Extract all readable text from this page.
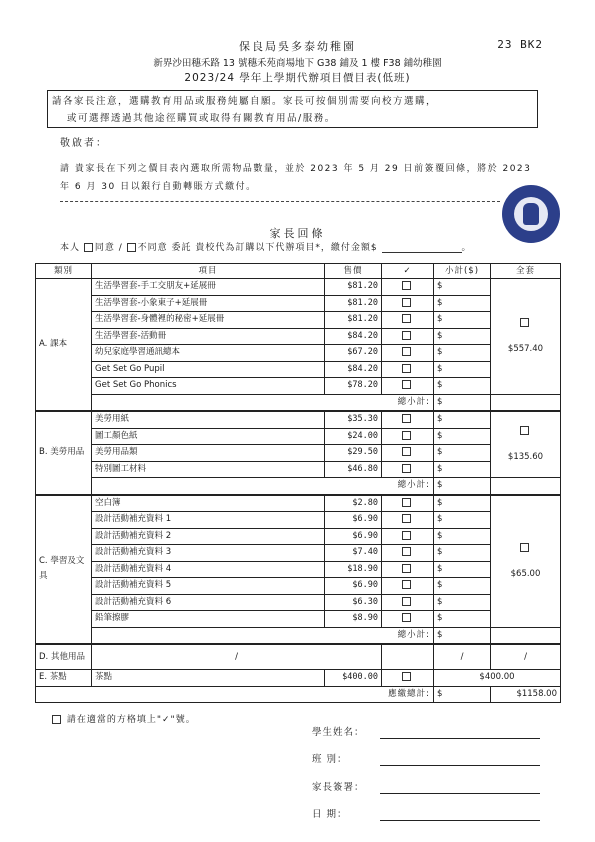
保良局吳多泰幼稚園	23 BK2
新界沙田穗禾路 13 號穗禾苑商場地下 G38 鋪及 1 樓 F38 鋪幼稚園
2023/24 學年上學期代辦項目價目表(低班)
請各家長注意，選購教育用品或服務純屬自願。家長可按個別需要向校方選購，
或可選擇透過其他途徑購買或取得有關教育用品/服務。
敬啟者：
請 貴家長在下列之價目表內選取所需物品數量，並於 2023 年 5 月 29 日前簽覆回條，將於 2023 年 6 月 30 日以銀行自動轉賬方式繳付。
家長回條
本人 同意 / 不同意 委託 貴校代為訂購以下代辦項目*，繳付金額$	。
類別	項目	售價	✓	小計($)	全套
A. 課本	生活學習套-手工交朋友+延展冊	$81.20		$	$557.40
	生活學習套-小象東子+延展冊	$81.20		$	
	生活學習套-身體裡的秘密+延展冊	$81.20		$	
	生活學習套-活動冊	$84.20		$	
	幼兒家庭學習通訊總本	$67.20		$	
	Get Set Go Pupil	$84.20		$	
	Get Set Go Phonics	$78.20		$	
	總小計:			$	
B. 美勞用品	美勞用紙	$35.30		$	$135.60
	圖工顏色紙	$24.00		$	
	美勞用品類	$29.50		$	
	特別圖工材料	$46.80		$	
	總小計:			$	
C. 學習及文具	空白簿	$2.80		$	$65.00
	設計活動補充資料 1	$6.90		$	
	設計活動補充資料 2	$6.90		$	
	設計活動補充資料 3	$7.40		$	
	設計活動補充資料 4	$18.90		$	
	設計活動補充資料 5	$6.90		$	
	設計活動補充資料 6	$6.30		$	
	鉛筆擦膠	$8.90		$	
	總小計:			$	
D. 其他用品	/			/	/
E. 茶點	茶點	$400.00		$400.00	
應繳總計:				$	$1158.00
請在適當的方格填上"✓"號。
學生姓名：
班 別：
家長簽署：
日 期：
